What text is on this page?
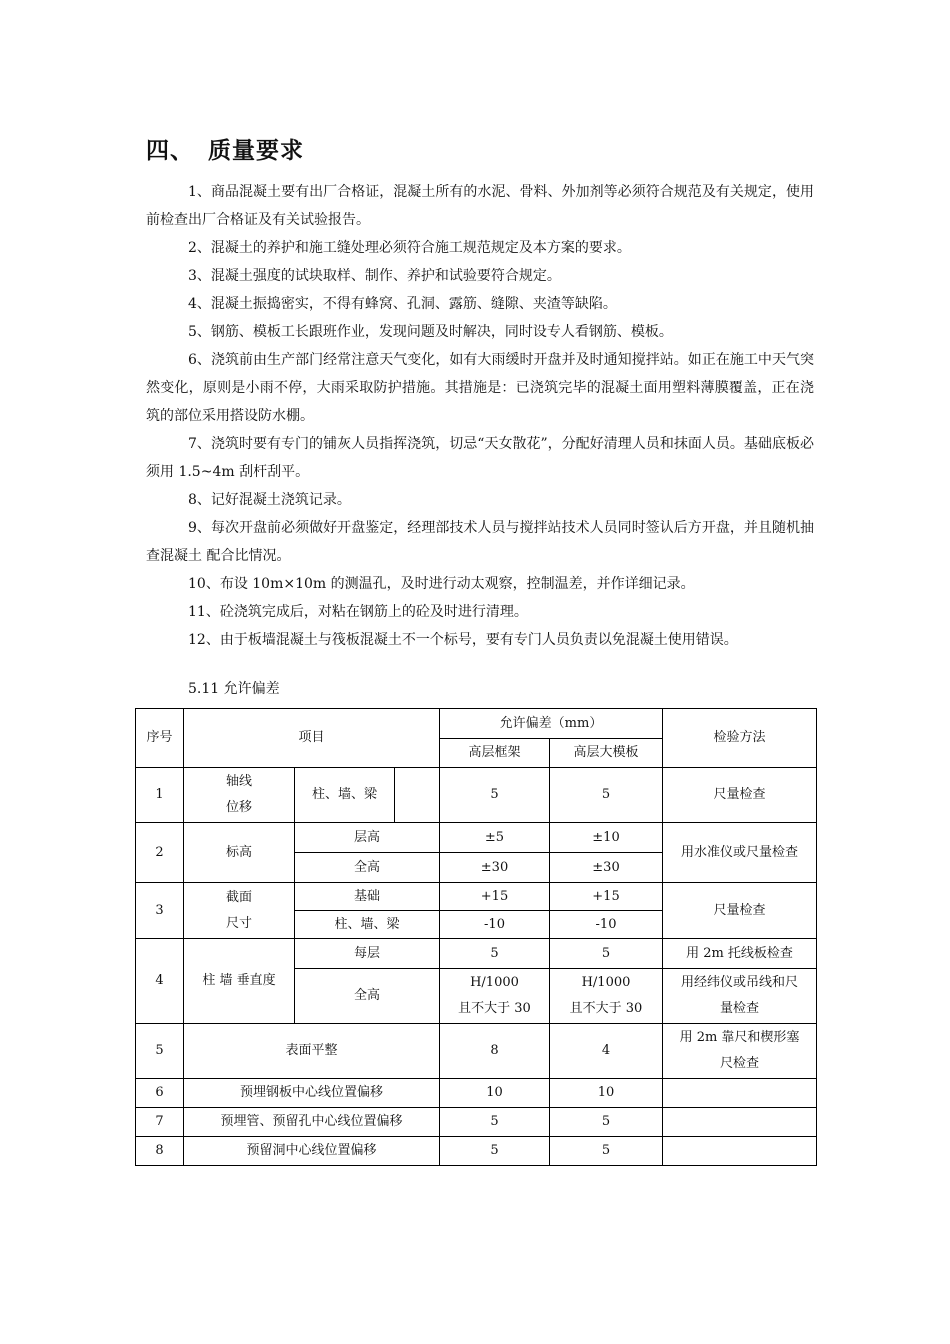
四、 质量要求

1、商品混凝土要有出厂合格证，混凝土所有的水泥、骨料、外加剂等必须符合规范及有关规定，使用前检查出厂合格证及有关试验报告。

2、混凝土的养护和施工缝处理必须符合施工规范规定及本方案的要求。

3、混凝土强度的试块取样、制作、养护和试验要符合规定。

4、混凝土振捣密实，不得有蜂窝、孔洞、露筋、缝隙、夹渣等缺陷。

5、钢筋、模板工长跟班作业，发现问题及时解决，同时设专人看钢筋、模板。

6、浇筑前由生产部门经常注意天气变化，如有大雨缓时开盘并及时通知搅拌站。如正在施工中天气突然变化，原则是小雨不停，大雨采取防护措施。其措施是：已浇筑完毕的混凝土面用塑料薄膜覆盖，正在浇筑的部位采用搭设防水棚。

7、浇筑时要有专门的铺灰人员指挥浇筑，切忌“天女散花”，分配好清理人员和抹面人员。基础底板必须用 1.5~4m 刮杆刮平。

8、记好混凝土浇筑记录。

9、每次开盘前必须做好开盘鉴定，经理部技术人员与搅拌站技术人员同时签认后方开盘，并且随机抽查混凝土 配合比情况。

10、布设 10m×10m 的测温孔，及时进行动太观察，控制温差，并作详细记录。

11、砼浇筑完成后，对粘在钢筋上的砼及时进行清理。

12、由于板墙混凝土与筏板混凝土不一个标号，要有专门人员负责以免混凝土使用错误。

5.11 允许偏差
序号	项目			允许偏差（mm）		检验方法
				高层框架	高层大模板	
1	轴线
位移	柱、墙、梁		5	5	尺量检查
2	标高	层高		±5	±10	用水准仪或尺量检查
		全高		±30	±30	
3	截面
尺寸	基础		+15	+15	尺量检查
		柱、墙、梁		-10	-10	
4	柱 墙 垂直度	每层		5	5	用 2m 托线板检查
		全高		H/1000
且不大于 30	H/1000
且不大于 30	用经纬仪或吊线和尺
量检查
5	表面平整			8	4	用 2m 靠尺和楔形塞
尺检查
6	预埋钢板中心线位置偏移			10	10	
7	预埋管、预留孔中心线位置偏移			5	5	
8	预留洞中心线位置偏移			5	5	
